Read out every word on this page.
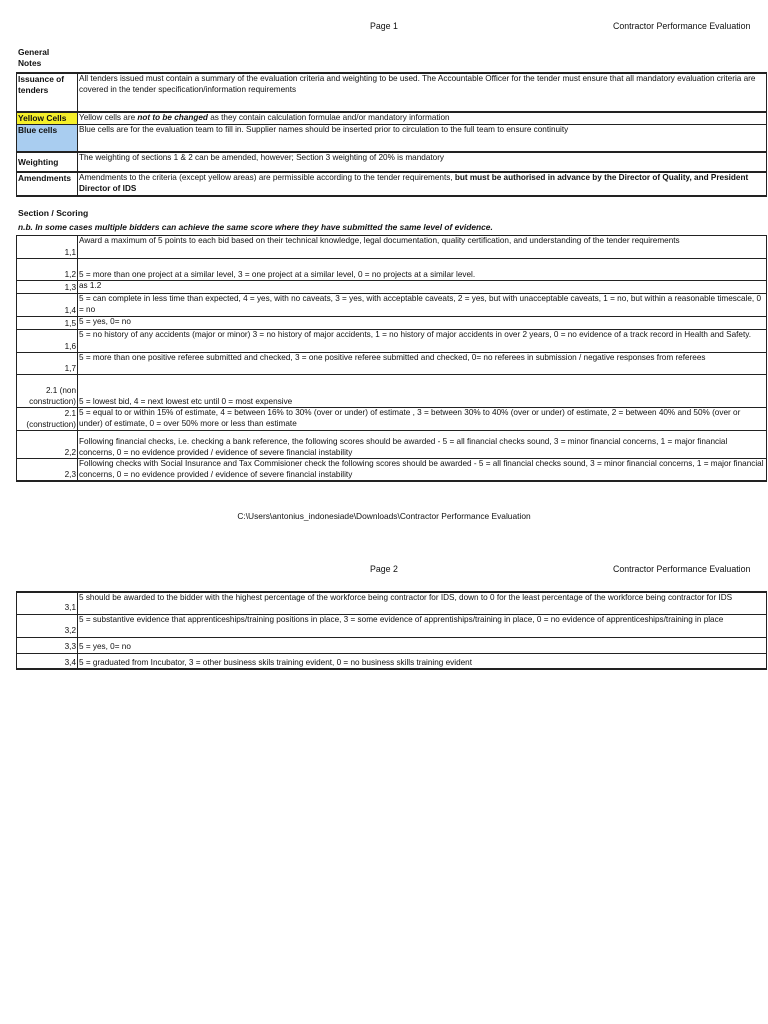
Page 1	Contractor Performance Evaluation
General
Notes
Issuance of
tenders	All tenders issued must contain a summary of the evaluation criteria and weighting to be used. The Accountable Officer for the tender must ensure that all mandatory evaluation criteria are covered in the tender specification/information requirements
Yellow Cells	Yellow cells are not to be changed as they contain calculation formulae and/or mandatory information
Blue cells	Blue cells are for the evaluation team to fill in. Supplier names should be inserted prior to circulation to the full team to ensure continuity
Weighting	The weighting of sections 1 & 2 can be amended, however; Section 3 weighting of 20% is mandatory
Amendments	Amendments to the criteria (except yellow areas) are permissible according to the tender requirements, but must be authorised in advance by the Director of Quality, and President Director of IDS
Section / Scoring
n.b. In some cases multiple bidders can achieve the same score where they have submitted the same level of evidence.
1,1	Award a maximum of 5 points to each bid based on their technical knowledge, legal documentation, quality certification, and understanding of the tender requirements
1,2	5 = more than one project at a similar level, 3 = one project at a similar level, 0 = no projects at a similar level.
1,3	as 1.2
1,4	5 = can complete in less time than expected, 4 = yes, with no caveats, 3 = yes, with acceptable caveats, 2 = yes, but with unacceptable caveats, 1 = no, but within a reasonable timescale, 0 = no
1,5	5 = yes, 0= no
1,6	5 = no history of any accidents (major or minor) 3 = no history of major accidents, 1 = no history of major accidents in over 2 years, 0 = no evidence of a track record in Health and Safety.
1,7	5 = more than one positive referee submitted and checked, 3 = one positive referee submitted and checked, 0= no referees in submission / negative responses from referees
2.1 (non construction)	5 = lowest bid, 4 = next lowest etc until 0 = most expensive
2.1 (construction)	5 = equal to or within 15% of estimate, 4 = between 16% to 30% (over or under) of estimate , 3 = between 30% to 40% (over or under) of estimate, 2 = between 40% and 50% (over or under) of estimate, 0 = over 50% more or less than estimate
2,2	Following financial checks, i.e. checking a bank reference, the following scores should be awarded - 5 = all financial checks sound, 3 = minor financial concerns, 1 = major financial concerns, 0 = no evidence provided / evidence of severe financial instability
2,3	Following checks with Social Insurance and Tax Commisioner check the following scores should be awarded - 5 = all financial checks sound, 3 = minor financial concerns, 1 = major financial concerns, 0 = no evidence provided / evidence of severe financial instability
C:\Users\antonius_indonesiade\Downloads\Contractor Performance Evaluation
Page 2	Contractor Performance Evaluation
3,1	5 should be awarded to the bidder with the highest percentage of the workforce being contractor for IDS, down to 0 for the least percentage of the workforce being contractor for IDS
3,2	5 = substantive evidence that apprenticeships/training positions in place, 3 = some evidence of apprentiships/training in place, 0 = no evidence of apprenticeships/training in place
3,3	5 = yes, 0= no
3,4	5 = graduated from Incubator, 3 = other business skils training evident, 0 = no business skills training evident
